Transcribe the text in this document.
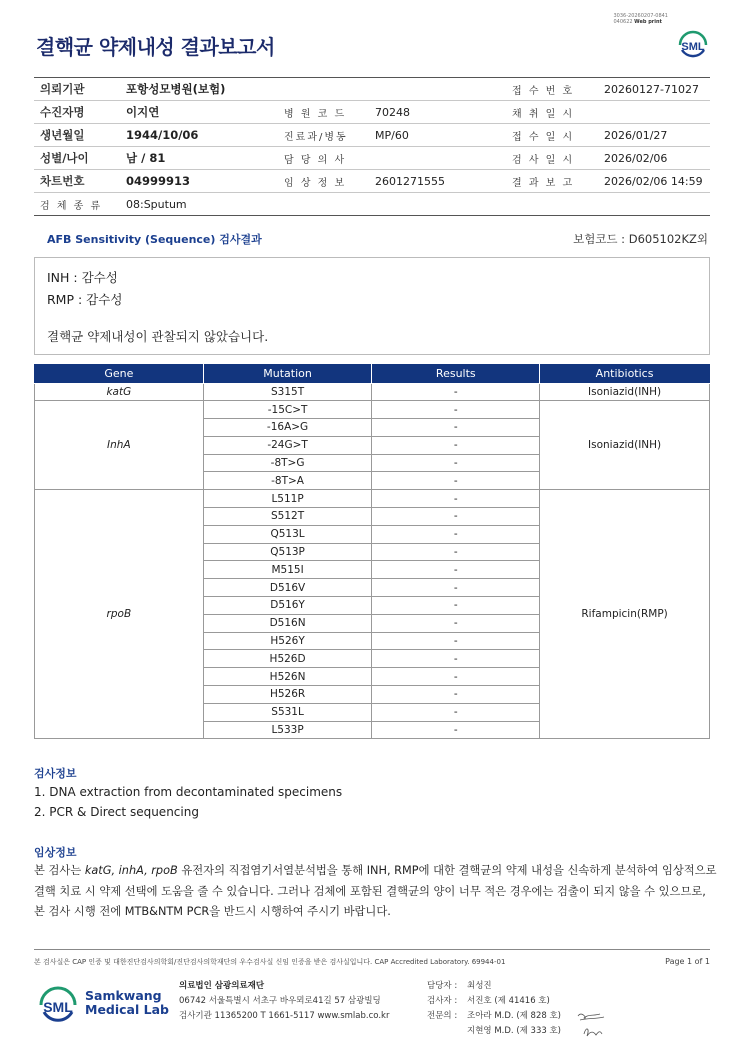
3036-20260207-0841
040622 Web print
결핵균 약제내성 결과보고서	SML
의뢰기관	포항성모병원(보험)			접 수 번 호	20260127-71027
수진자명	이지연	병 원 코 드	70248	채 취 일 시	
생년월일	1944/10/06	진료과/병동	MP/60	접 수 일 시	2026/01/27
성별/나이	남 / 81	담 당 의 사		검 사 일 시	2026/02/06
차트번호	04999913	임 상 정 보	2601271555	결 과 보 고	2026/02/06 14:59
검 체 종 류	08:Sputum				
AFB Sensitivity (Sequence) 검사결과	보험코드 : D605102KZ외
INH : 감수성
RMP : 감수성
결핵균 약제내성이 관찰되지 않았습니다.
Gene	Mutation	Results	Antibiotics
katG	S315T	-	Isoniazid(INH)
InhA	-15C>T	-	Isoniazid(INH)
	-16A>G	-	
	-24G>T	-	
	-8T>G	-	
	-8T>A	-	
rpoB	L511P	-	Rifampicin(RMP)
	S512T	-	
	Q513L	-	
	Q513P	-	
	M515I	-	
	D516V	-	
	D516Y	-	
	D516N	-	
	H526Y	-	
	H526D	-	
	H526N	-	
	H526R	-	
	S531L	-	
	L533P	-	
검사정보
1. DNA extraction from decontaminated specimens
2. PCR & Direct sequencing
임상정보
본 검사는 katG, inhA, rpoB 유전자의 직접염기서열분석법을 통해 INH, RMP에 대한 결핵균의 약제 내성을 신속하게 분석하여 임상적으로
결핵 치료 시 약제 선택에 도움을 줄 수 있습니다. 그러나 검체에 포함된 결핵균의 양이 너무 적은 경우에는 검출이 되지 않을 수 있으므로,
본 검사 시행 전에 MTB&NTM PCR을 반드시 시행하여 주시기 바랍니다.
본 검사실은 CAP 인증 및 대한진단검사의학회/진단검사의학재단의 우수검사실 신임 인증을 받은 검사실입니다. CAP Accredited Laboratory. 69944-01	Page 1 of 1
SML
Samkwang
Medical Lab
의료법인 삼광의료재단
06742 서울특별시 서초구 바우뫼로41길 57 삼광빌딩
검사기관 11365200 T 1661-5117 www.smlab.co.kr
담당자 :	최성진
검사자 :	서진호 (제 41416 호)
전문의 :	조아라 M.D. (제 828 호)
지현영 M.D. (제 333 호)
